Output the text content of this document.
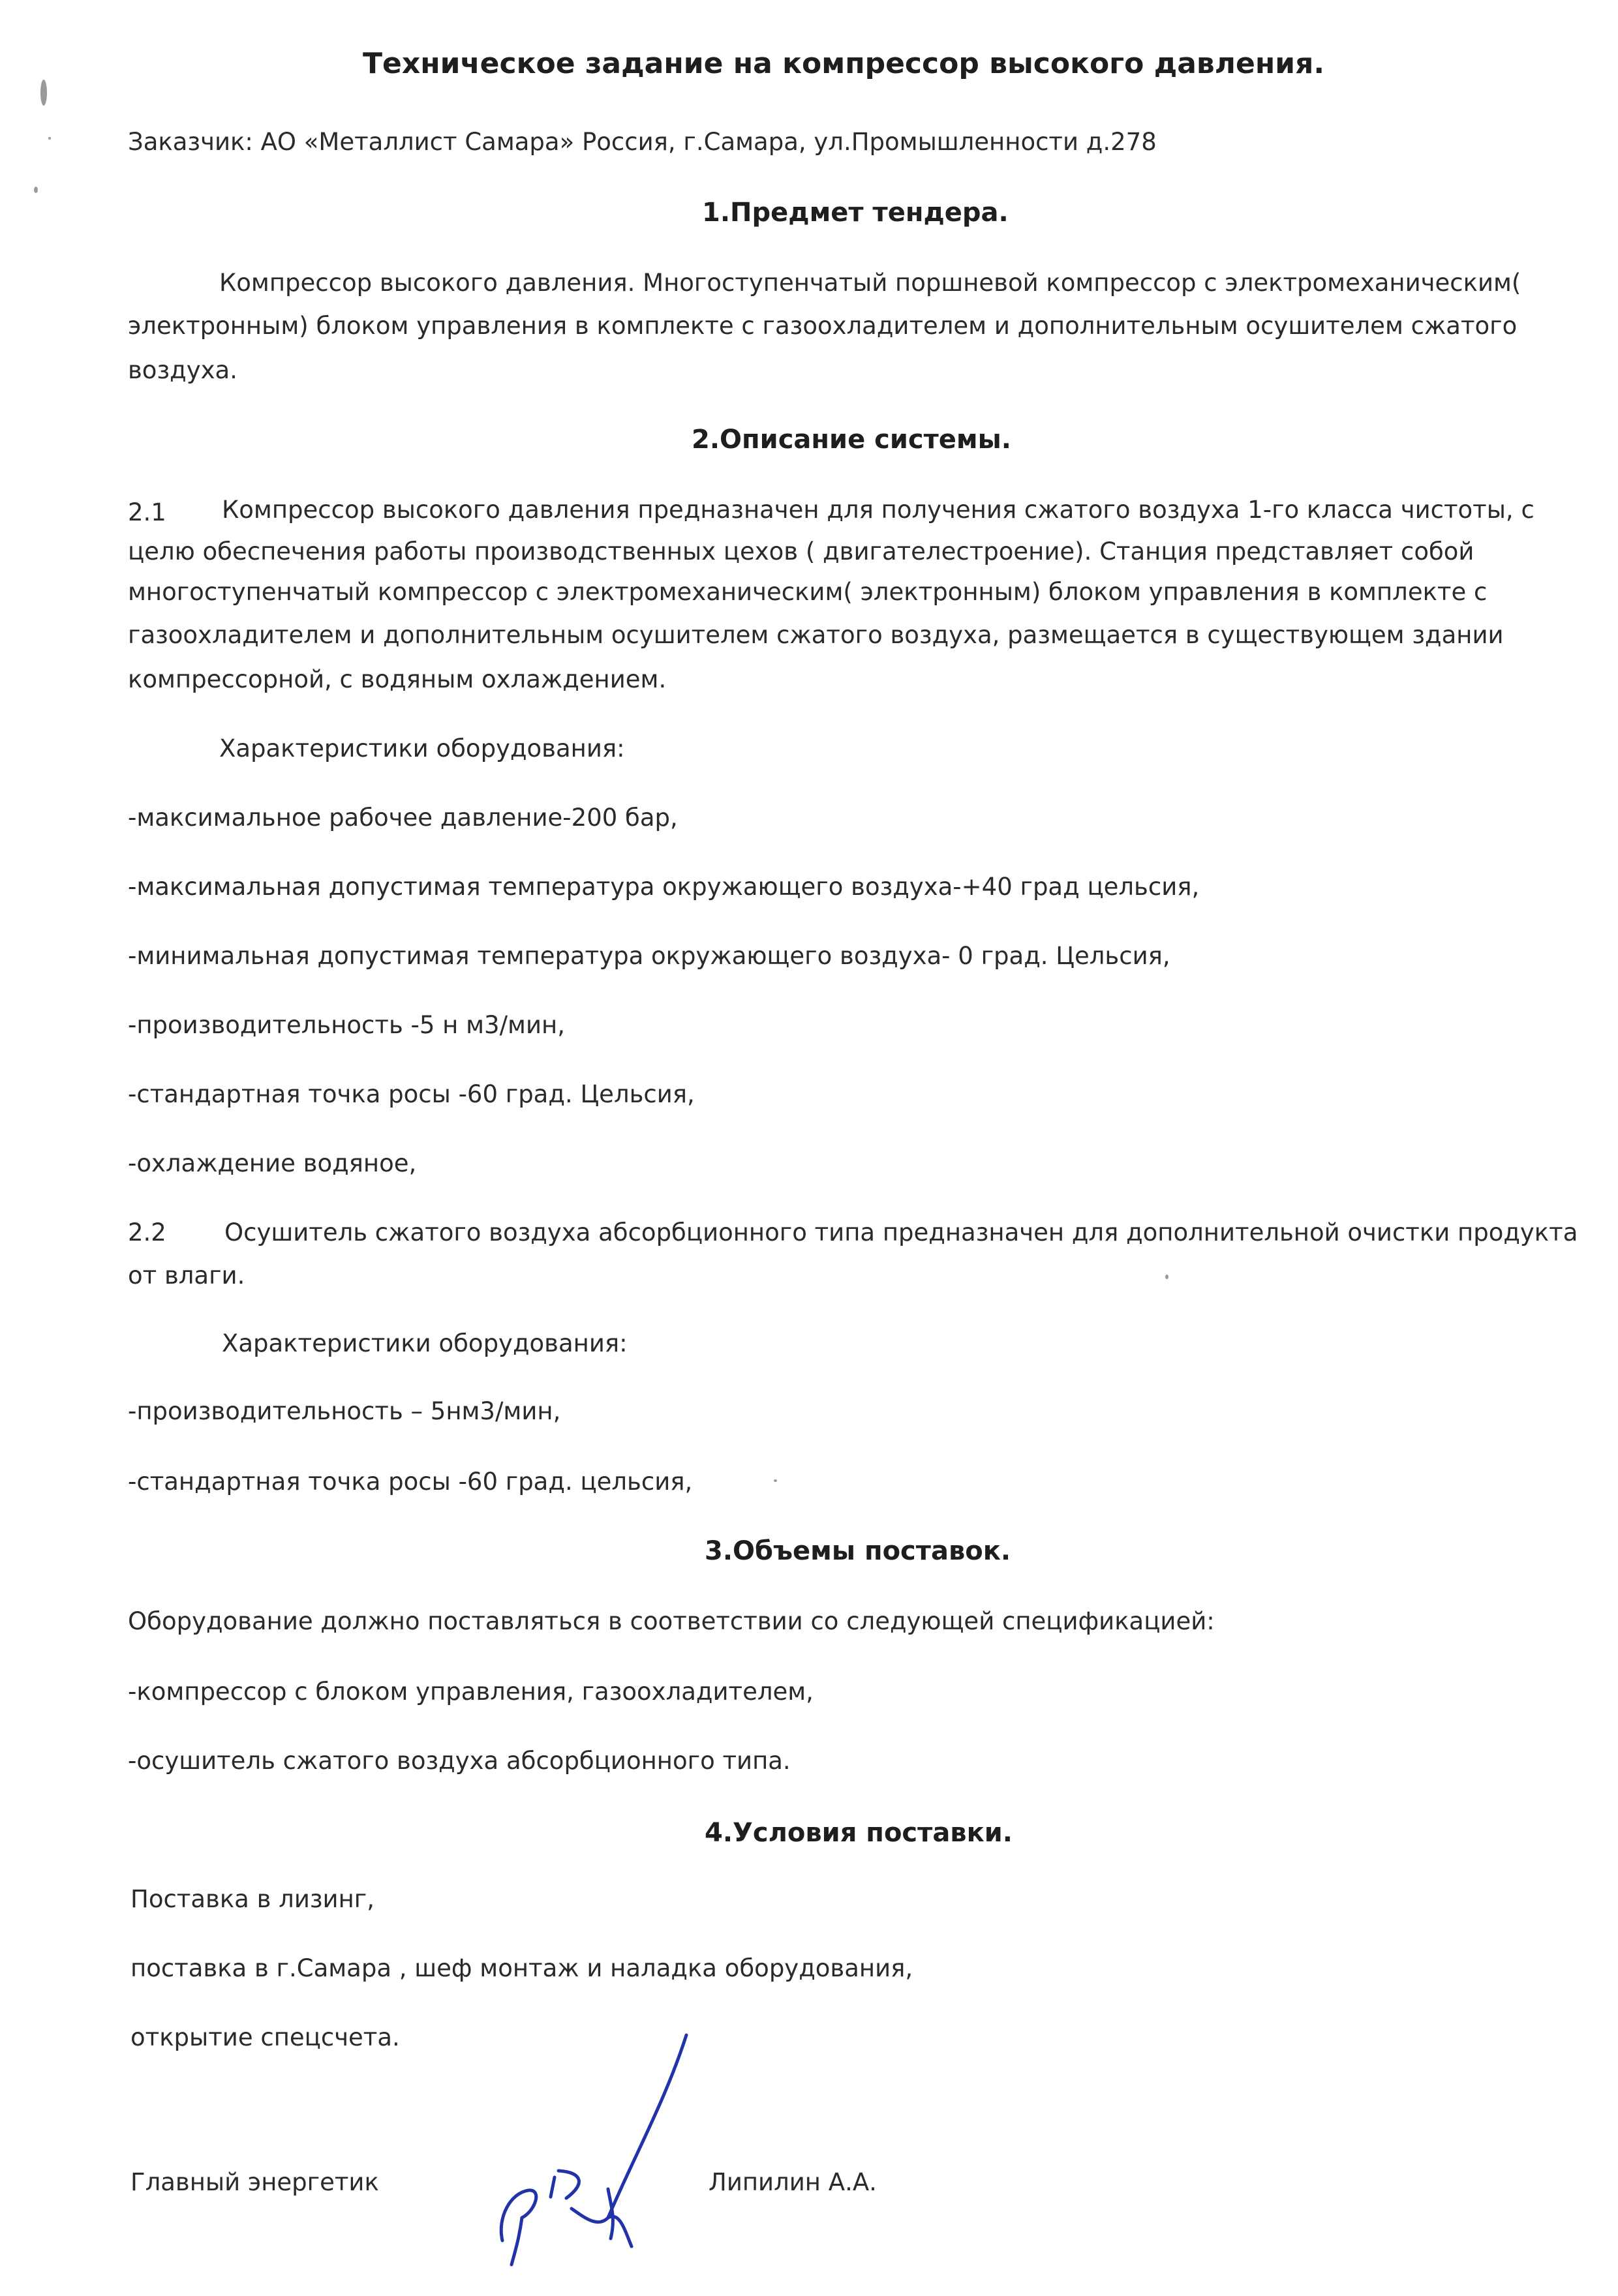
Техническое задание на компрессор высокого давления.
Заказчик: АО «Металлист Самара» Россия, г.Самара, ул.Промышленности д.278
1.Предмет тендера.
Компрессор высокого давления. Многоступенчатый поршневой компрессор с электромеханическим(
электронным) блоком управления в комплекте с газоохладителем и дополнительным осушителем сжатого
воздуха.
2.Описание системы.
2.1 Компрессор высокого давления предназначен для получения сжатого воздуха 1-го класса чистоты, с
целю обеспечения работы производственных цехов ( двигателестроение). Станция представляет собой
многоступенчатый компрессор с электромеханическим( электронным) блоком управления в комплекте с
газоохладителем и дополнительным осушителем сжатого воздуха, размещается в существующем здании
компрессорной, с водяным охлаждением.
Характеристики оборудования:
-максимальное рабочее давление-200 бар,
-максимальная допустимая температура окружающего воздуха-+40 град цельсия,
-минимальная допустимая температура окружающего воздуха- 0 град. Цельсия,
-производительность -5 н м3/мин,
-стандартная точка росы -60 град. Цельсия,
-охлаждение водяное,
2.2 Осушитель сжатого воздуха абсорбционного типа предназначен для дополнительной очистки продукта
от влаги.
Характеристики оборудования:
-производительность – 5нм3/мин,
-стандартная точка росы -60 град. цельсия,
3.Объемы поставок.
Оборудование должно поставляться в соответствии со следующей спецификацией:
-компрессор с блоком управления, газоохладителем,
-осушитель сжатого воздуха абсорбционного типа.
4.Условия поставки.
Поставка в лизинг,
поставка в г.Самара , шеф монтаж и наладка оборудования,
открытие спецсчета.
Главный энергетик	Липилин А.А.
